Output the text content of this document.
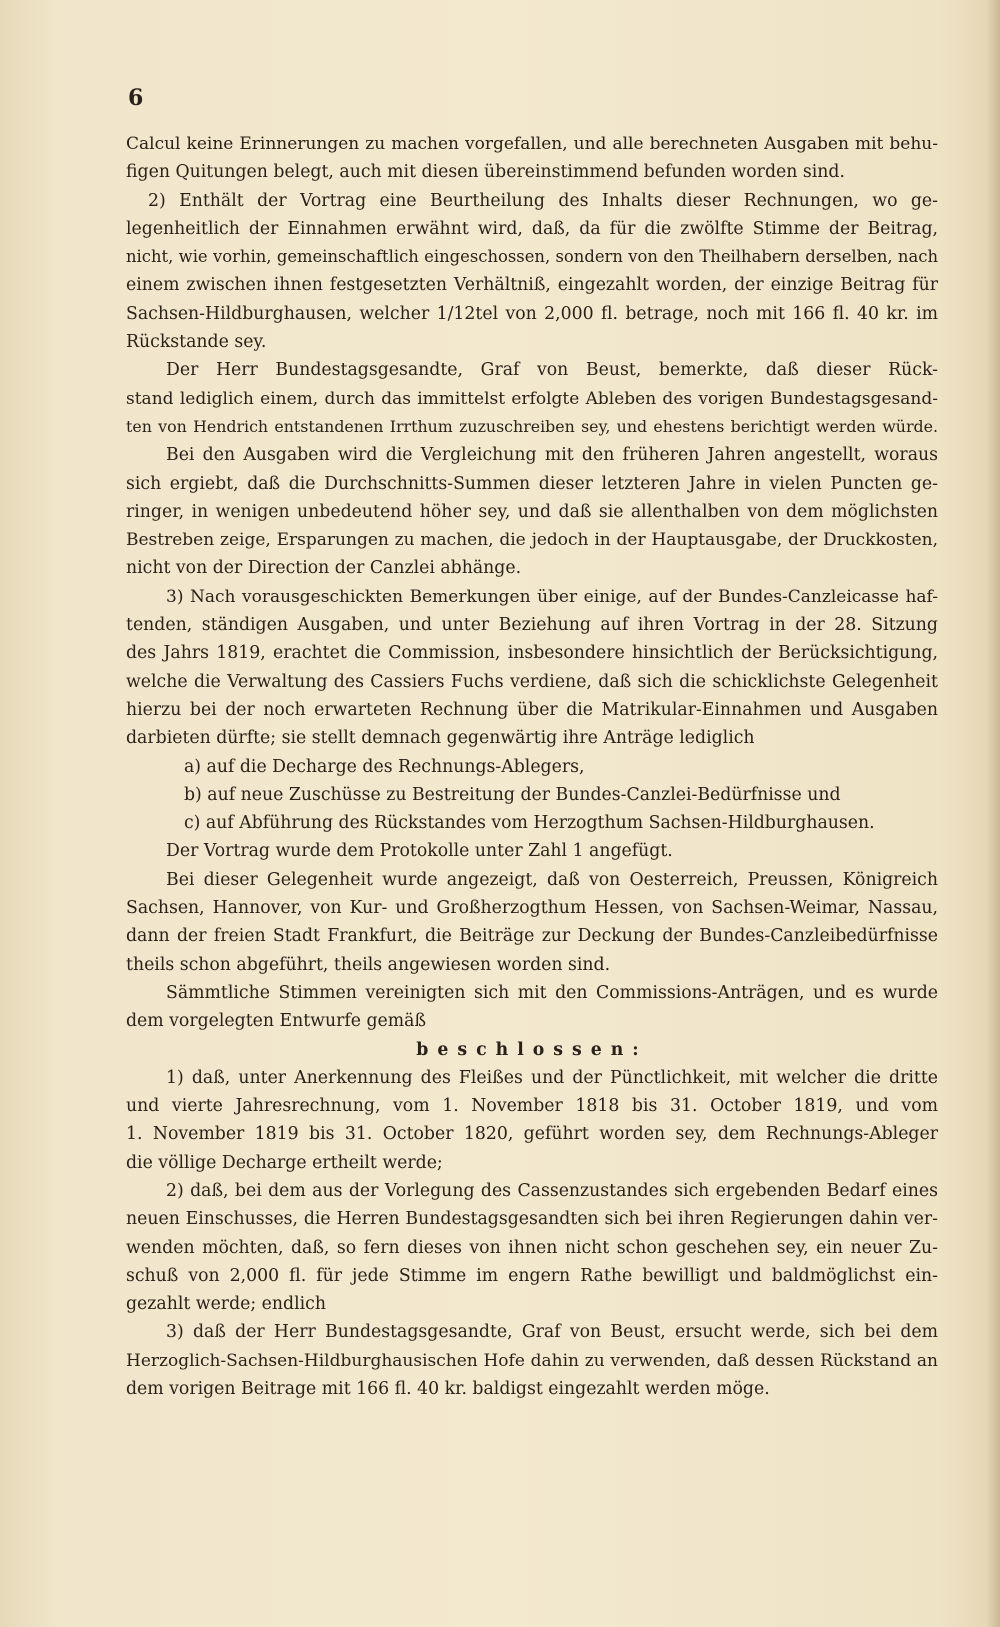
6
Calcul keine Erinnerungen zu machen vorgefallen, und alle berechneten Ausgaben mit behu-
figen Quitungen belegt, auch mit diesen übereinstimmend befunden worden sind.
2) Enthält der Vortrag eine Beurtheilung des Inhalts dieser Rechnungen, wo ge-
legenheitlich der Einnahmen erwähnt wird, daß, da für die zwölfte Stimme der Beitrag,
nicht, wie vorhin, gemeinschaftlich eingeschossen, sondern von den Theilhabern derselben, nach
einem zwischen ihnen festgesetzten Verhältniß, eingezahlt worden, der einzige Beitrag für
Sachsen-Hildburghausen, welcher 1/12tel von 2,000 fl. betrage, noch mit 166 fl. 40 kr. im
Rückstande sey.
Der Herr Bundestagsgesandte, Graf von Beust, bemerkte, daß dieser Rück-
stand lediglich einem, durch das immittelst erfolgte Ableben des vorigen Bundestagsgesand-
ten von Hendrich entstandenen Irrthum zuzuschreiben sey, und ehestens berichtigt werden würde.
Bei den Ausgaben wird die Vergleichung mit den früheren Jahren angestellt, woraus
sich ergiebt, daß die Durchschnitts-Summen dieser letzteren Jahre in vielen Puncten ge-
ringer, in wenigen unbedeutend höher sey, und daß sie allenthalben von dem möglichsten
Bestreben zeige, Ersparungen zu machen, die jedoch in der Hauptausgabe, der Druckkosten,
nicht von der Direction der Canzlei abhänge.
3) Nach vorausgeschickten Bemerkungen über einige, auf der Bundes-Canzleicasse haf-
tenden, ständigen Ausgaben, und unter Beziehung auf ihren Vortrag in der 28. Sitzung
des Jahrs 1819, erachtet die Commission, insbesondere hinsichtlich der Berücksichtigung,
welche die Verwaltung des Cassiers Fuchs verdiene, daß sich die schicklichste Gelegenheit
hierzu bei der noch erwarteten Rechnung über die Matrikular-Einnahmen und Ausgaben
darbieten dürfte; sie stellt demnach gegenwärtig ihre Anträge lediglich
a) auf die Decharge des Rechnungs-Ablegers,
b) auf neue Zuschüsse zu Bestreitung der Bundes-Canzlei-Bedürfnisse und
c) auf Abführung des Rückstandes vom Herzogthum Sachsen-Hildburghausen.
Der Vortrag wurde dem Protokolle unter Zahl 1 angefügt.
Bei dieser Gelegenheit wurde angezeigt, daß von Oesterreich, Preussen, Königreich
Sachsen, Hannover, von Kur- und Großherzogthum Hessen, von Sachsen-Weimar, Nassau,
dann der freien Stadt Frankfurt, die Beiträge zur Deckung der Bundes-Canzleibedürfnisse
theils schon abgeführt, theils angewiesen worden sind.
Sämmtliche Stimmen vereinigten sich mit den Commissions-Anträgen, und es wurde
dem vorgelegten Entwurfe gemäß
beschlossen:
1) daß, unter Anerkennung des Fleißes und der Pünctlichkeit, mit welcher die dritte
und vierte Jahresrechnung, vom 1. November 1818 bis 31. October 1819, und vom
1. November 1819 bis 31. October 1820, geführt worden sey, dem Rechnungs-Ableger
die völlige Decharge ertheilt werde;
2) daß, bei dem aus der Vorlegung des Cassenzustandes sich ergebenden Bedarf eines
neuen Einschusses, die Herren Bundestagsgesandten sich bei ihren Regierungen dahin ver-
wenden möchten, daß, so fern dieses von ihnen nicht schon geschehen sey, ein neuer Zu-
schuß von 2,000 fl. für jede Stimme im engern Rathe bewilligt und baldmöglichst ein-
gezahlt werde; endlich
3) daß der Herr Bundestagsgesandte, Graf von Beust, ersucht werde, sich bei dem
Herzoglich-Sachsen-Hildburghausischen Hofe dahin zu verwenden, daß dessen Rückstand an
dem vorigen Beitrage mit 166 fl. 40 kr. baldigst eingezahlt werden möge.
